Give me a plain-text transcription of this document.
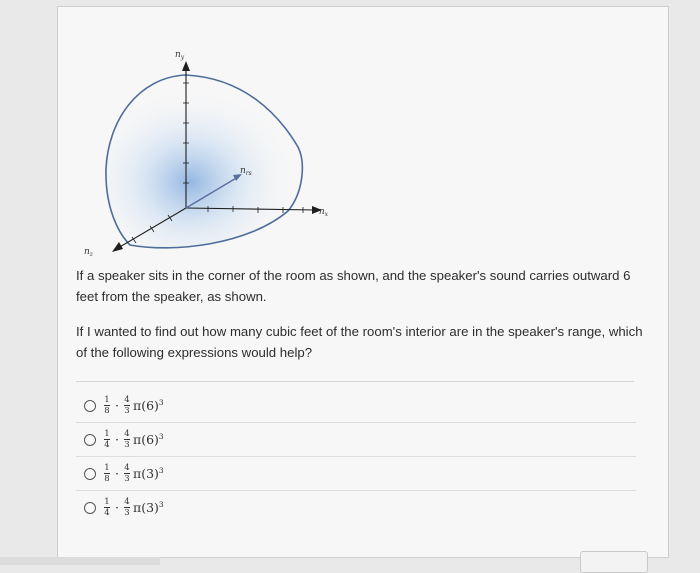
$n_y$
$n_x$
$n_z$
$n_{rs}$

If a speaker sits in the corner of the room as shown, and the speaker's sound carries outward 6 feet from the speaker, as shown.

If I wanted to find out how many cubic feet of the room's interior are in the speaker's range, which of the following expressions would help?

$\frac{1}{8} \cdot \frac{4}{3} \pi(6)^3$
$\frac{1}{4} \cdot \frac{4}{3} \pi(6)^3$
$\frac{1}{8} \cdot \frac{4}{3} \pi(3)^3$
$\frac{1}{4} \cdot \frac{4}{3} \pi(3)^3$
